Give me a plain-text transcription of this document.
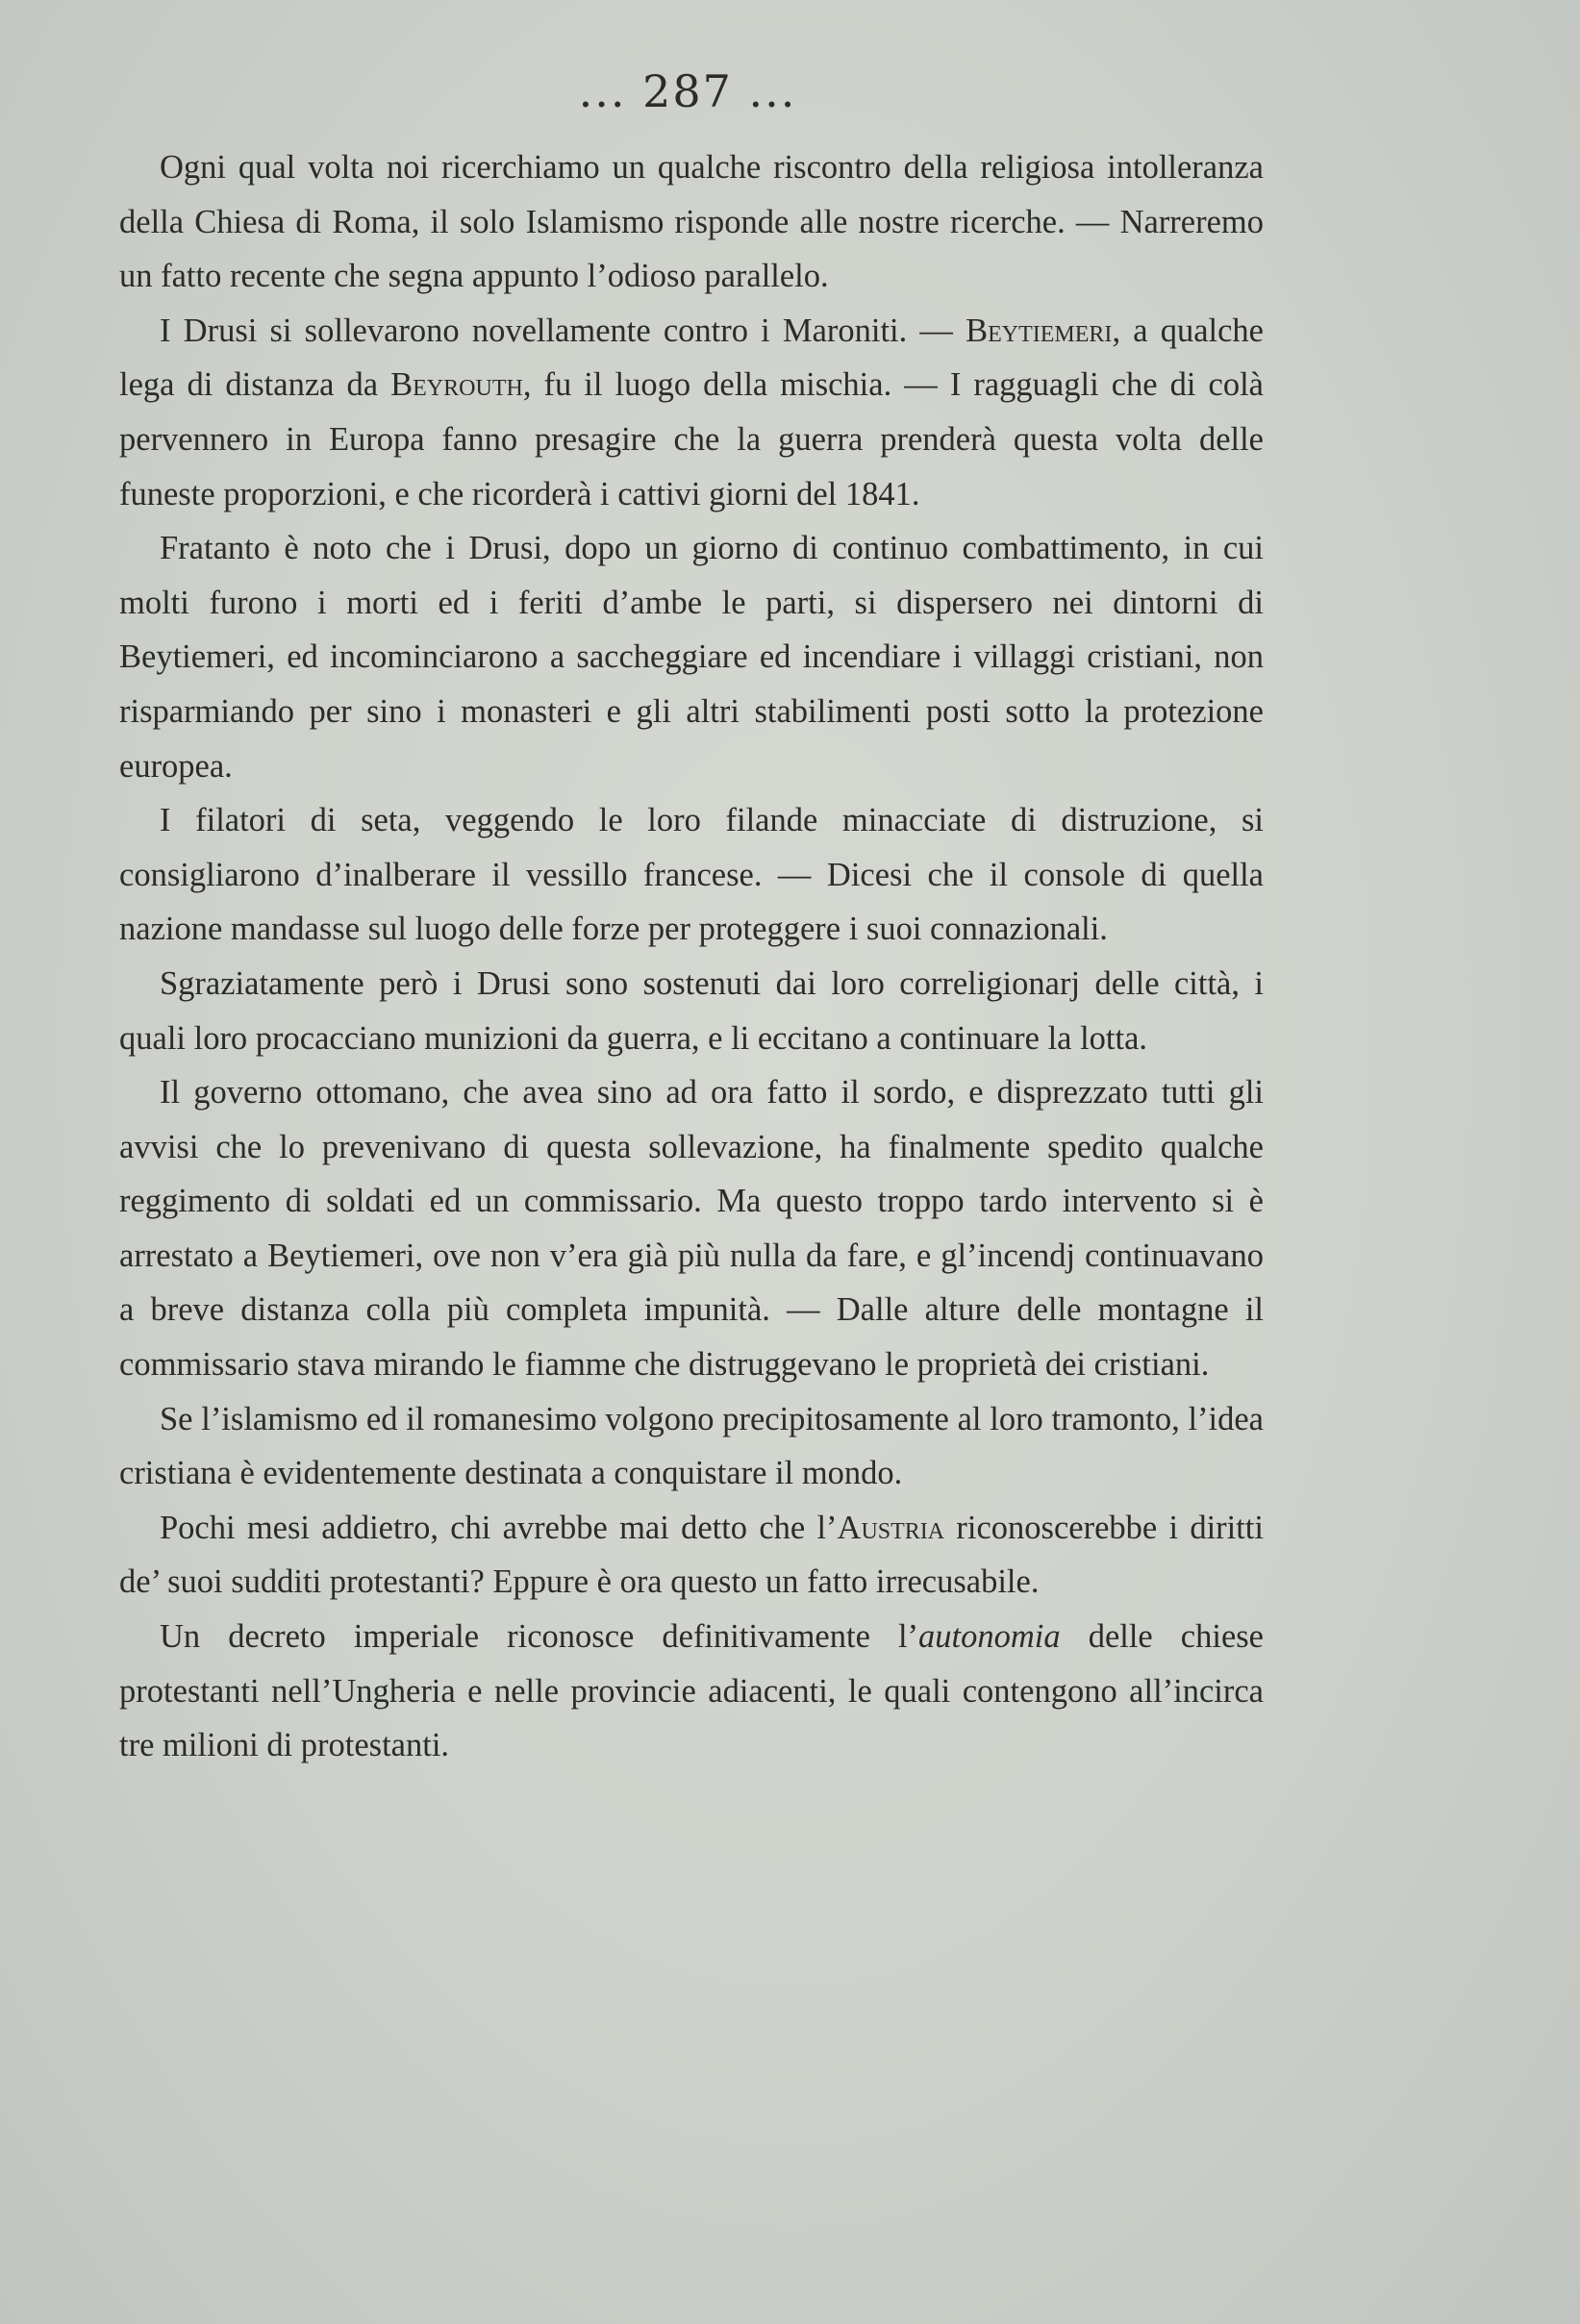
... 287 ...

Ogni qual volta noi ricerchiamo un qualche riscontro della religiosa intolleranza della Chiesa di Roma, il solo Islamismo risponde alle nostre ricerche. — Narreremo un fatto recente che segna appunto l’odioso parallelo.

I Drusi si sollevarono novellamente contro i Maroniti. — Beytiemeri, a qualche lega di distanza da Beyrouth, fu il luogo della mischia. — I ragguagli che di colà pervennero in Europa fanno presagire che la guerra prenderà questa volta delle funeste proporzioni, e che ricorderà i cattivi giorni del 1841.

Fratanto è noto che i Drusi, dopo un giorno di continuo combattimento, in cui molti furono i morti ed i feriti d’ambe le parti, si dispersero nei dintorni di Beytiemeri, ed incominciarono a saccheggiare ed incendiare i villaggi cristiani, non risparmiando per sino i monasteri e gli altri stabilimenti posti sotto la protezione europea.

I filatori di seta, veggendo le loro filande minacciate di distruzione, si consigliarono d’inalberare il vessillo francese. — Dicesi che il console di quella nazione mandasse sul luogo delle forze per proteggere i suoi connazionali.

Sgraziatamente però i Drusi sono sostenuti dai loro correligionarj delle città, i quali loro procacciano munizioni da guerra, e li eccitano a continuare la lotta.

Il governo ottomano, che avea sino ad ora fatto il sordo, e disprezzato tutti gli avvisi che lo prevenivano di questa sollevazione, ha finalmente spedito qualche reggimento di soldati ed un commissario. Ma questo troppo tardo intervento si è arrestato a Beytiemeri, ove non v’era già più nulla da fare, e gl’incendj continuavano a breve distanza colla più completa impunità. — Dalle alture delle montagne il commissario stava mirando le fiamme che distruggevano le proprietà dei cristiani.

Se l’islamismo ed il romanesimo volgono precipitosamente al loro tramonto, l’idea cristiana è evidentemente destinata a conquistare il mondo.

Pochi mesi addietro, chi avrebbe mai detto che l’Austria riconoscerebbe i diritti de’ suoi sudditi protestanti? Eppure è ora questo un fatto irrecusabile.

Un decreto imperiale riconosce definitivamente l’autonomia delle chiese protestanti nell’Ungheria e nelle provincie adiacenti, le quali contengono all’incirca tre milioni di protestanti.
